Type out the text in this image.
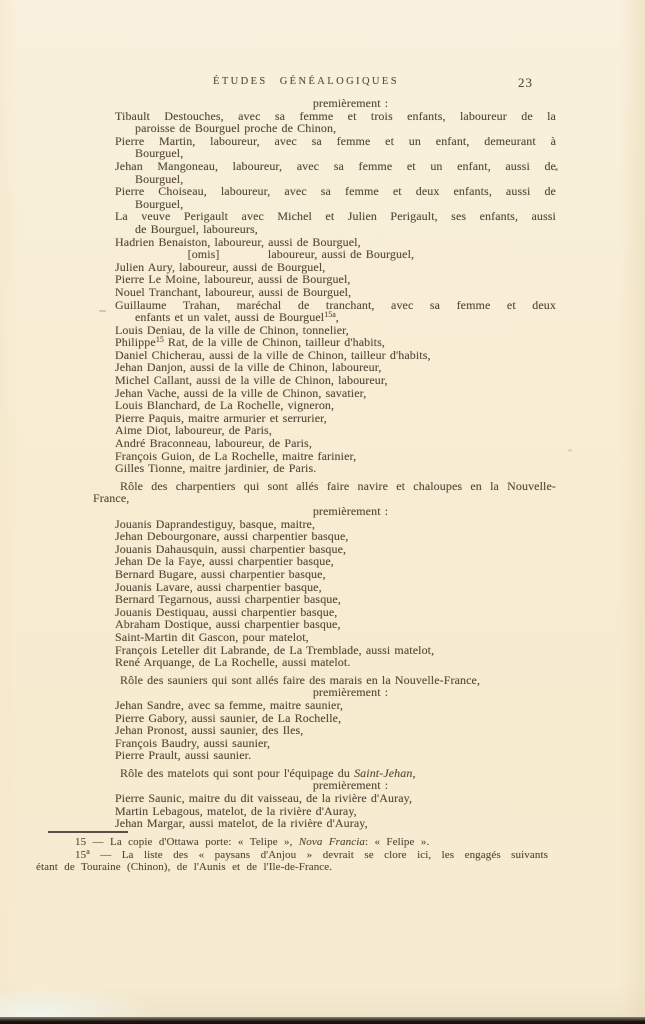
ÉTUDES GÉNÉALOGIQUES	23
premièrement :
Tibault Destouches, avec sa femme et trois enfants, laboureur de la
paroisse de Bourguel proche de Chinon,
Pierre Martin, laboureur, avec sa femme et un enfant, demeurant à
Bourguel,
Jehan Mangoneau, laboureur, avec sa femme et un enfant, aussi de
Bourguel,
Pierre Choiseau, laboureur, avec sa femme et deux enfants, aussi de
Bourguel,
La veuve Perigault avec Michel et Julien Perigault, ses enfants, aussi
de Bourguel, laboureurs,
Hadrien Benaiston, laboureur, aussi de Bourguel,
      [omis]    laboureur, aussi de Bourguel,
Julien Aury, laboureur, aussi de Bourguel,
Pierre Le Moine, laboureur, aussi de Bourguel,
Nouel Tranchant, laboureur, aussi de Bourguel,
Guillaume Trahan, maréchal de tranchant, avec sa femme et deux
enfants et un valet, aussi de Bourguel$^{15a}$,
Louis Deniau, de la ville de Chinon, tonnelier,
Philippe$^{15}$ Rat, de la ville de Chinon, tailleur d'habits,
Daniel Chicherau, aussi de la ville de Chinon, tailleur d'habits,
Jehan Danjon, aussi de la ville de Chinon, laboureur,
Michel Callant, aussi de la ville de Chinon, laboureur,
Jehan Vache, aussi de la ville de Chinon, savatier,
Louis Blanchard, de La Rochelle, vigneron,
Pierre Paquis, maitre armurier et serrurier,
Aime Diot, laboureur, de Paris,
André Braconneau, laboureur, de Paris,
François Guion, de La Rochelle, maitre farinier,
Gilles Tionne, maitre jardinier, de Paris.
Rôle des charpentiers qui sont allés faire navire et chaloupes en la Nouvelle-
France,
premièrement :
Jouanis Daprandestiguy, basque, maitre,
Jehan Debourgonare, aussi charpentier basque,
Jouanis Dahausquin, aussi charpentier basque,
Jehan De la Faye, aussi charpentier basque,
Bernard Bugare, aussi charpentier basque,
Jouanis Lavare, aussi charpentier basque,
Bernard Tegarnous, aussi charpentier basque,
Jouanis Destiquau, aussi charpentier basque,
Abraham Dostique, aussi charpentier basque,
Saint-Martin dit Gascon, pour matelot,
François Leteller dit Labrande, de La Tremblade, aussi matelot,
René Arquange, de La Rochelle, aussi matelot.
Rôle des sauniers qui sont allés faire des marais en la Nouvelle-France,
premièrement :
Jehan Sandre, avec sa femme, maitre saunier,
Pierre Gabory, aussi saunier, de La Rochelle,
Jehan Pronost, aussi saunier, des Iles,
François Baudry, aussi saunier,
Pierre Prault, aussi saunier.
Rôle des matelots qui sont pour l'équipage du Saint-Jehan,
premièrement :
Pierre Saunic, maitre du dit vaisseau, de la rivière d'Auray,
Martin Lebagous, matelot, de la rivière d'Auray,
Jehan Margar, aussi matelot, de la rivière d'Auray,
15 — La copie d'Ottawa porte: « Telipe », Nova Francia: « Felipe ».
15$^a$ — La liste des « paysans d'Anjou » devrait se clore ici, les engagés suivants
étant de Touraine (Chinon), de l'Aunis et de l'Ile-de-France.
